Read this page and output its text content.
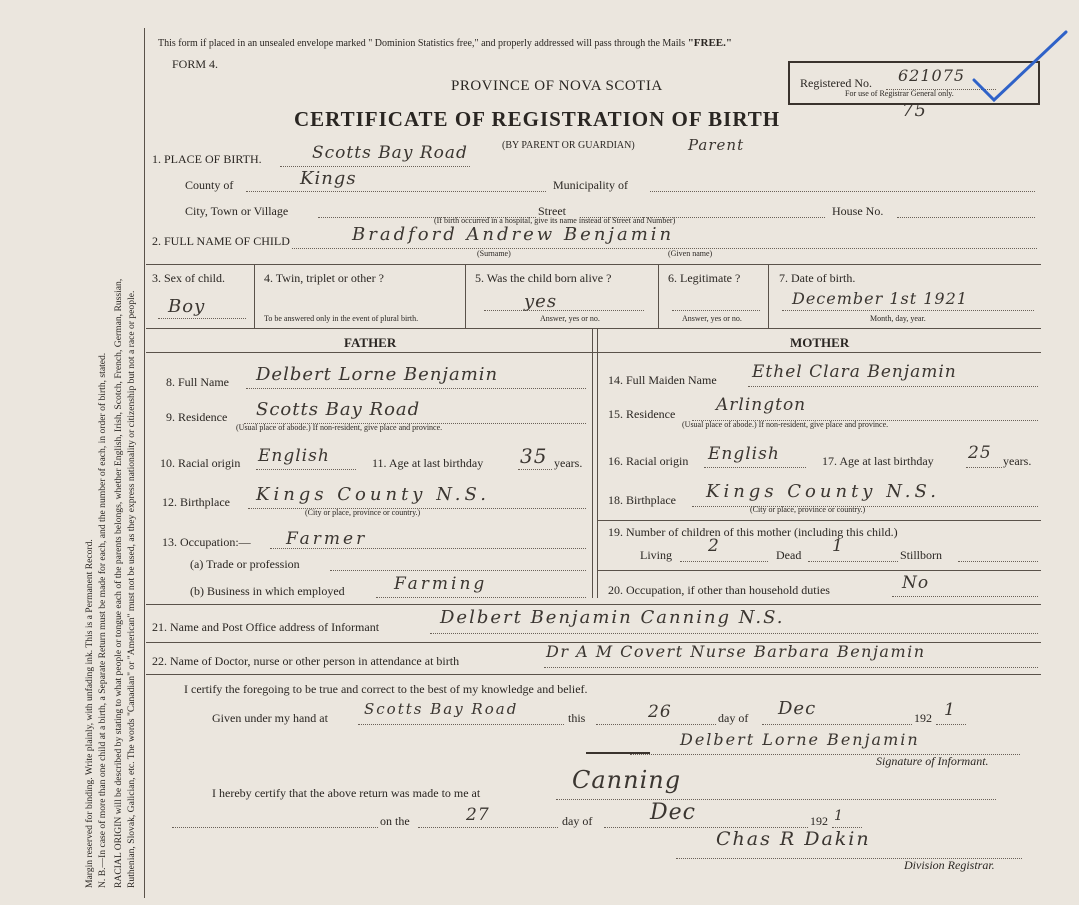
Margin reserved for binding. Write plainly, with unfading ink. This is a Permanent Record. N. B.—In case of more than one child at a birth, a Separate Return must be made for each, and the number of each, in order of birth, stated. RACIAL ORIGIN will be described by stating to what people or tongue each of the parents belongs, whether English, Irish, Scotch, French, German, Russian, Ruthenian, Slovak, Galician, etc. The words "Canadian" or "American" must not be used, as they express nationality or citizenship but not a race or people.
This form if placed in an unsealed envelope marked " Dominion Statistics free," and properly addressed will pass through the Mails "FREE."
FORM 4.
PROVINCE OF NOVA SCOTIA
CERTIFICATE OF REGISTRATION OF BIRTH	75
Registered No. 621075
For use of Registrar General only.
1. PLACE OF BIRTH.	Scotts Bay Road	(BY PARENT OR GUARDIAN)	Parent
County of	Kings	Municipality of
City, Town or Village	Street	House No.
(If birth occurred in a hospital, give its name instead of Street and Number)
2. FULL NAME OF CHILD	Bradford Andrew Benjamin
(Surname)	(Given name)
3. Sex of child.
Boy
4. Twin, triplet or other ?
To be answered only in the event of plural birth.
5. Was the child born alive ?
yes
Answer, yes or no.
6. Legitimate ?
Answer, yes or no.
7. Date of birth.
December 1st 1921
Month, day, year.
FATHER	MOTHER
8. Full Name Delbert Lorne Benjamin
9. Residence Scotts Bay Road
(Usual place of abode.) If non-resident, give place and province.
10. Racial origin English	11. Age at last birthday 35 years.
12. Birthplace Kings County N.S.
(City or place, province or country.)
13. Occupation:— Farmer
(a) Trade or profession
(b) Business in which employed	Farming
14. Full Maiden Name Ethel Clara Benjamin
15. Residence Arlington
(Usual place of abode.) If non-resident, give place and province.
16. Racial origin English	17. Age at last birthday 25 years.
18. Birthplace Kings County N.S.
(City or place, province or country.)
19. Number of children of this mother (including this child.)
Living 2	Dead 1	Stillborn
20. Occupation, if other than household duties	No
21. Name and Post Office address of Informant	Delbert Benjamin Canning N.S.
22. Name of Doctor, nurse or other person in attendance at birth	Dr A M Covert Nurse Barbara Benjamin
I certify the foregoing to be true and correct to the best of my knowledge and belief.
Given under my hand at Scotts Bay Road	this	26	day of Dec	192 1
Delbert Lorne Benjamin
Signature of Informant.
I hereby certify that the above return was made to me at	Canning
on the	27	day of	Dec	192 1
Chas R Dakin
Division Registrar.
